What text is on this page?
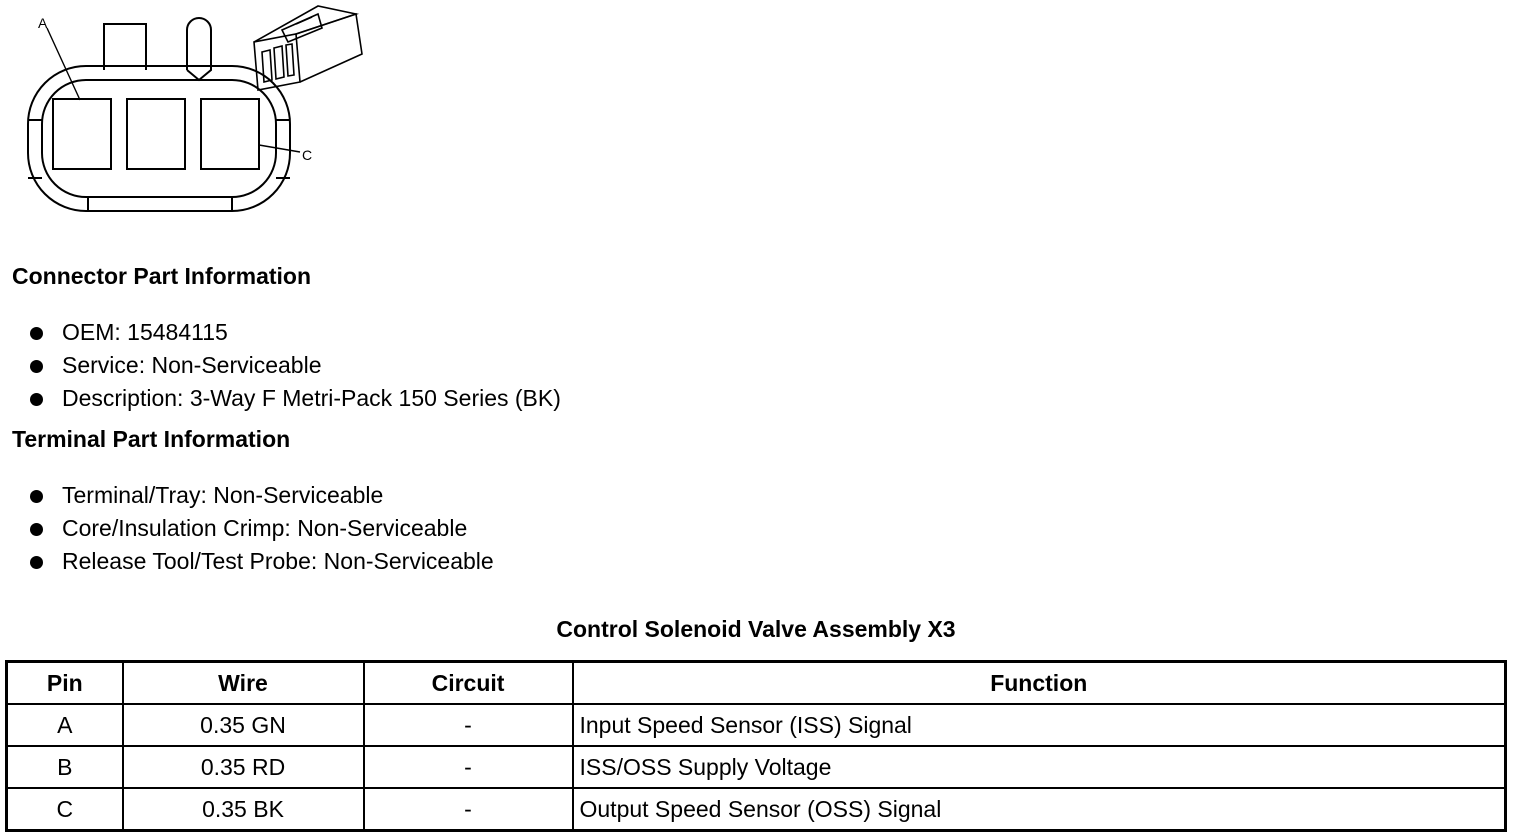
A
C
Connector Part Information
OEM: 15484115
Service: Non-Serviceable
Description: 3-Way F Metri-Pack 150 Series (BK)
Terminal Part Information
Terminal/Tray: Non-Serviceable
Core/Insulation Crimp: Non-Serviceable
Release Tool/Test Probe: Non-Serviceable
Control Solenoid Valve Assembly X3
Pin	Wire	Circuit	Function
A	0.35 GN	-	Input Speed Sensor (ISS) Signal
B	0.35 RD	-	ISS/OSS Supply Voltage
C	0.35 BK	-	Output Speed Sensor (OSS) Signal
